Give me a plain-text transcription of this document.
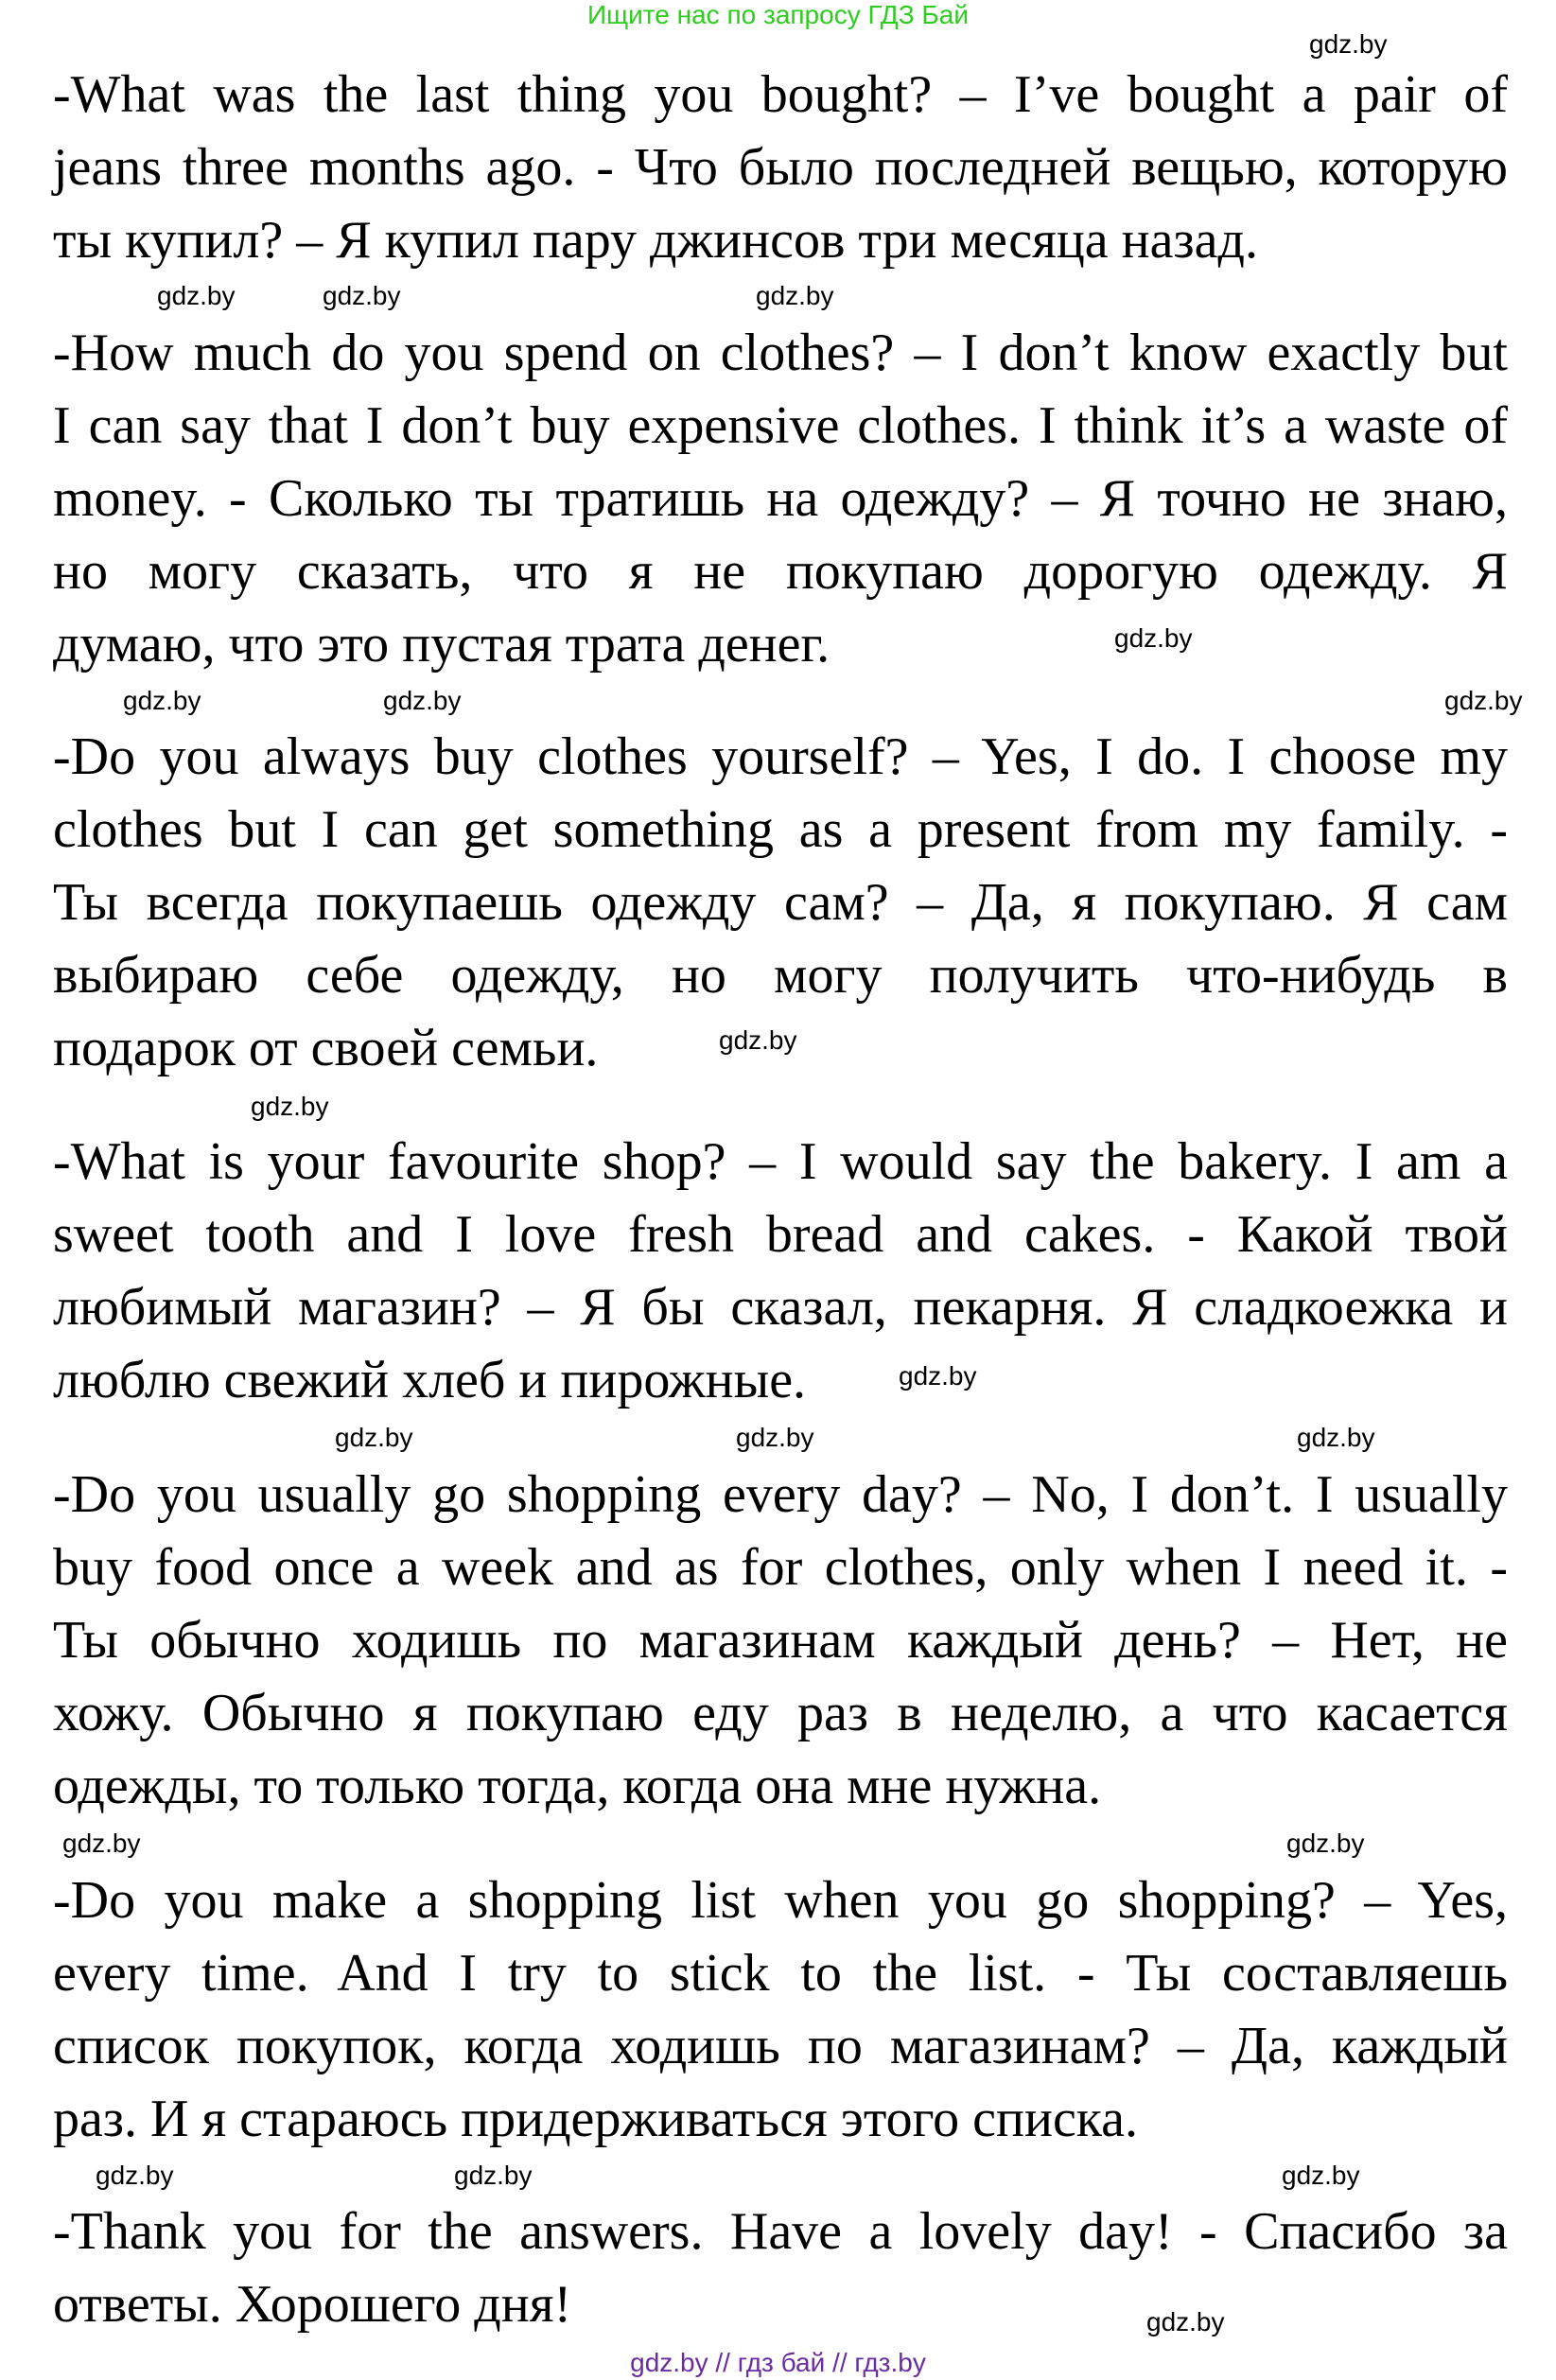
Ищите нас по запросу ГДЗ Бай
-What was the last thing you bought? – I’ve bought a pair of
jeans three months ago. - Что было последней вещью, которую
ты купил? – Я купил пару джинсов три месяца назад.
-How much do you spend on clothes? – I don’t know exactly but
I can say that I don’t buy expensive clothes. I think it’s a waste of
money. - Сколько ты тратишь на одежду? – Я точно не знаю,
но могу сказать, что я не покупаю дорогую одежду. Я
думаю, что это пустая трата денег.
-Do you always buy clothes yourself? – Yes, I do. I choose my
clothes but I can get something as a present from my family. -
Ты всегда покупаешь одежду сам? – Да, я покупаю. Я сам
выбираю себе одежду, но могу получить что-нибудь в
подарок от своей семьи.
-What is your favourite shop? – I would say the bakery. I am a
sweet tooth and I love fresh bread and cakes. - Какой твой
любимый магазин? – Я бы сказал, пекарня. Я сладкоежка и
люблю свежий хлеб и пирожные.
-Do you usually go shopping every day? – No, I don’t. I usually
buy food once a week and as for clothes, only when I need it. -
Ты обычно ходишь по магазинам каждый день? – Нет, не
хожу. Обычно я покупаю еду раз в неделю, а что касается
одежды, то только тогда, когда она мне нужна.
-Do you make a shopping list when you go shopping? – Yes,
every time. And I try to stick to the list. - Ты составляешь
список покупок, когда ходишь по магазинам? – Да, каждый
раз. И я стараюсь придерживаться этого списка.
-Thank you for the answers. Have a lovely day! - Спасибо за
ответы. Хорошего дня!
gdz.by
gdz.by
gdz.by	gdz.by
gdz.by
gdz.by	gdz.by	gdz.by
gdz.by
gdz.by
gdz.by
gdz.by
gdz.by	gdz.by
gdz.by
gdz.by
gdz.by
gdz.by	gdz.by
gdz.by
gdz.by // гдз бай // гдз.by
